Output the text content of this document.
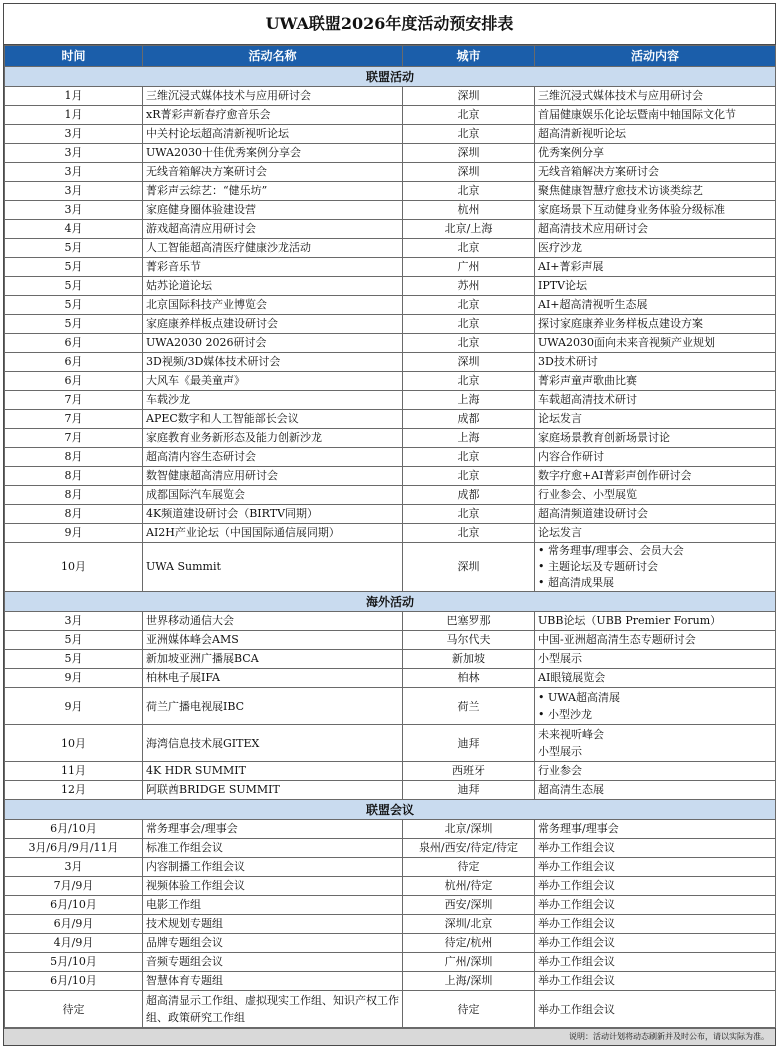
UWA联盟2026年度活动预安排表
时间	活动名称	城市	活动内容
联盟活动			
1月	三维沉浸式媒体技术与应用研讨会	深圳	三维沉浸式媒体技术与应用研讨会
1月	xR菁彩声新春疗愈音乐会	北京	首届健康娱乐化论坛暨南中轴国际文化节
3月	中关村论坛超高清新视听论坛	北京	超高清新视听论坛
3月	UWA2030十佳优秀案例分享会	深圳	优秀案例分享
3月	无线音箱解决方案研讨会	深圳	无线音箱解决方案研讨会
3月	菁彩声云综艺：“健乐坊”	北京	聚焦健康智慧疗愈技术访谈类综艺
3月	家庭健身圈体验建设营	杭州	家庭场景下互动健身业务体验分级标准
4月	游戏超高清应用研讨会	北京/上海	超高清技术应用研讨会
5月	人工智能超高清医疗健康沙龙活动	北京	医疗沙龙
5月	菁彩音乐节	广州	AI+菁彩声展
5月	姑苏论道论坛	苏州	IPTV论坛
5月	北京国际科技产业博览会	北京	AI+超高清视听生态展
5月	家庭康养样板点建设研讨会	北京	探讨家庭康养业务样板点建设方案
6月	UWA2030 2026研讨会	北京	UWA2030面向未来音视频产业规划
6月	3D视频/3D媒体技术研讨会	深圳	3D技术研讨
6月	大风车《最美童声》	北京	菁彩声童声歌曲比赛
7月	车载沙龙	上海	车载超高清技术研讨
7月	APEC数字和人工智能部长会议	成都	论坛发言
7月	家庭教育业务新形态及能力创新沙龙	上海	家庭场景教育创新场景讨论
8月	超高清内容生态研讨会	北京	内容合作研讨
8月	数智健康超高清应用研讨会	北京	数字疗愈+AI菁彩声创作研讨会
8月	成都国际汽车展览会	成都	行业参会、小型展览
8月	4K频道建设研讨会（BIRTV同期）	北京	超高清频道建设研讨会
9月	AI2H产业论坛（中国国际通信展同期）	北京	论坛发言
10月	UWA Summit	深圳	• 常务理事/理事会、会员大会
• 主题论坛及专题研讨会
• 超高清成果展

海外活动			
3月	世界移动通信大会	巴塞罗那	UBB论坛（UBB Premier Forum）
5月	亚洲媒体峰会AMS	马尔代夫	中国-亚洲超高清生态专题研讨会
5月	新加坡亚洲广播展BCA	新加坡	小型展示
9月	柏林电子展IFA	柏林	AI眼镜展览会
9月	荷兰广播电视展IBC	荷兰	• UWA超高清展
• 小型沙龙

10月	海湾信息技术展GITEX	迪拜	未来视听峰会
小型展示

11月	4K HDR SUMMIT	西班牙	行业参会
12月	阿联酋BRIDGE SUMMIT	迪拜	超高清生态展
联盟会议			
6月/10月	常务理事会/理事会	北京/深圳	常务理事/理事会
3月/6月/9月/11月	标准工作组会议	泉州/西安/待定/待定	举办工作组会议
3月	内容制播工作组会议	待定	举办工作组会议
7月/9月	视频体验工作组会议	杭州/待定	举办工作组会议
6月/10月	电影工作组	西安/深圳	举办工作组会议
6月/9月	技术规划专题组	深圳/北京	举办工作组会议
4月/9月	品牌专题组会议	待定/杭州	举办工作组会议
5月/10月	音频专题组会议	广州/深圳	举办工作组会议
6月/10月	智慧体育专题组	上海/深圳	举办工作组会议
待定	超高清显示工作组、虚拟现实工作组、知识产权工作组、政策研究工作组	待定	举办工作组会议
说明：活动计划将动态刷新并及时公布，请以实际为准。
